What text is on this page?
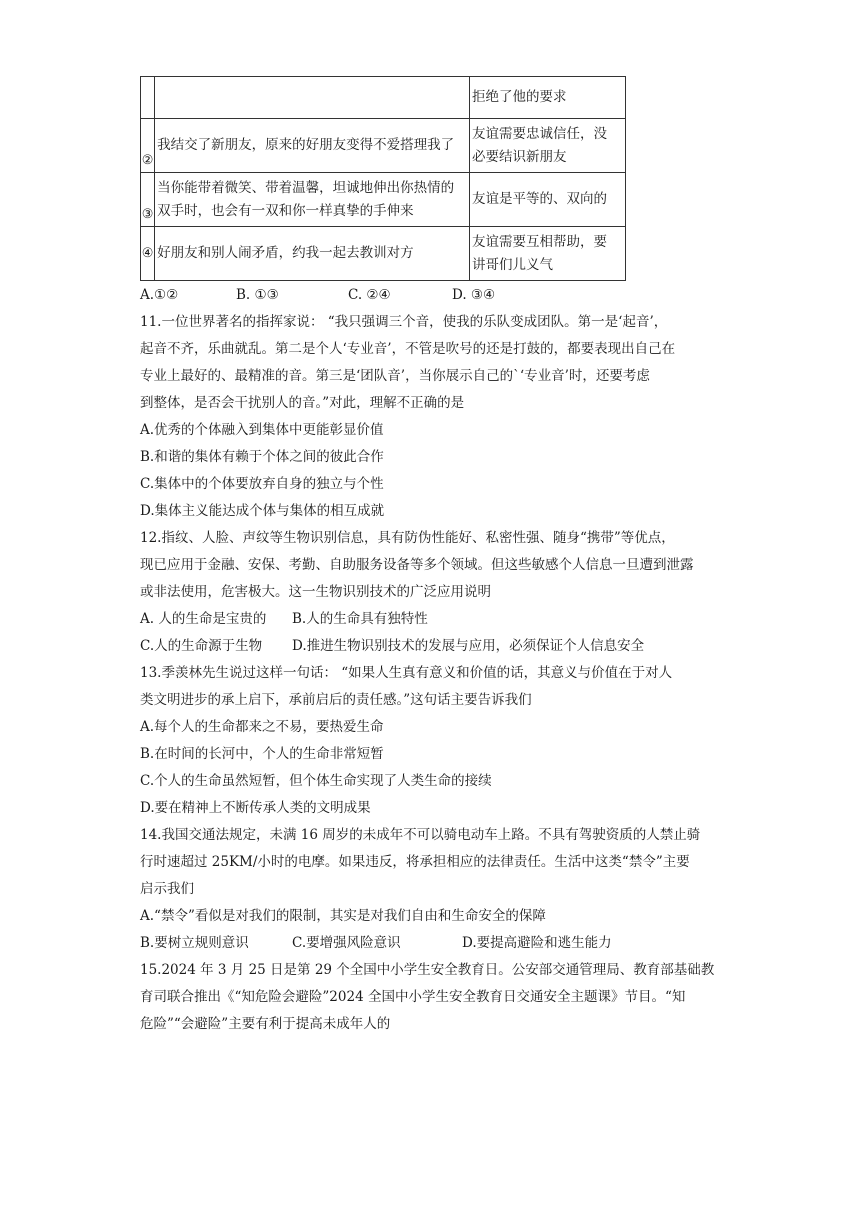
		拒绝了他的要求
②	我结交了新朋友，原来的好朋友变得不爱搭理我了	友谊需要忠诚信任，没
必要结识新朋友

③	当你能带着微笑、带着温馨，坦诚地伸出你热情的
双手时，也会有一双和你一样真挚的手伸来	友谊是平等的、双向的
④	好朋友和别人闹矛盾，约我一起去教训对方	友谊需要互相帮助，要
讲哥们儿义气
A.①②	B. ①③	C. ②④	D. ③④
11.一位世界著名的指挥家说： “我只强调三个音，使我的乐队变成团队。第一是‘起音’，
起音不齐，乐曲就乱。第二是个人‘专业音’，不管是吹号的还是打鼓的，都要表现出自己在
专业上最好的、最精准的音。第三是‘团队音’，当你展示自己的`‘专业音’时，还要考虑
到整体，是否会干扰别人的音。”对此，理解不正确的是
A.优秀的个体融入到集体中更能彰显价值
B.和谐的集体有赖于个体之间的彼此合作
C.集体中的个体要放弃自身的独立与个性
D.集体主义能达成个体与集体的相互成就
12.指纹、人脸、声纹等生物识别信息，具有防伪性能好、私密性强、随身“携带”等优点，
现已应用于金融、安保、考勤、自助服务设备等多个领域。但这些敏感个人信息一旦遭到泄露
或非法使用，危害极大。这一生物识别技术的广泛应用说明
A. 人的生命是宝贵的 B.人的生命具有独特性
C.人的生命源于生物 D.推进生物识别技术的发展与应用，必须保证个人信息安全
13.季羡林先生说过这样一句话： “如果人生真有意义和价值的话，其意义与价值在于对人
类文明进步的承上启下，承前启后的责任感。”这句话主要告诉我们
A.每个人的生命都来之不易，要热爱生命
B.在时间的长河中，个人的生命非常短暂
C.个人的生命虽然短暂，但个体生命实现了人类生命的接续
D.要在精神上不断传承人类的文明成果
14.我国交通法规定，未满 16 周岁的未成年不可以骑电动车上路。不具有驾驶资质的人禁止骑
行时速超过 25KM/小时的电摩。如果违反，将承担相应的法律责任。生活中这类“禁令”主要
启示我们
A.“禁令”看似是对我们的限制，其实是对我们自由和生命安全的保障
B.要树立规则意识	C.要增强风险意识	D.要提高避险和逃生能力
15.2024 年 3 月 25 日是第 29 个全国中小学生安全教育日。公安部交通管理局、教育部基础教
育司联合推出《“知危险会避险”2024 全国中小学生安全教育日交通安全主题课》节目。“知
危险”“会避险”主要有利于提高未成年人的
